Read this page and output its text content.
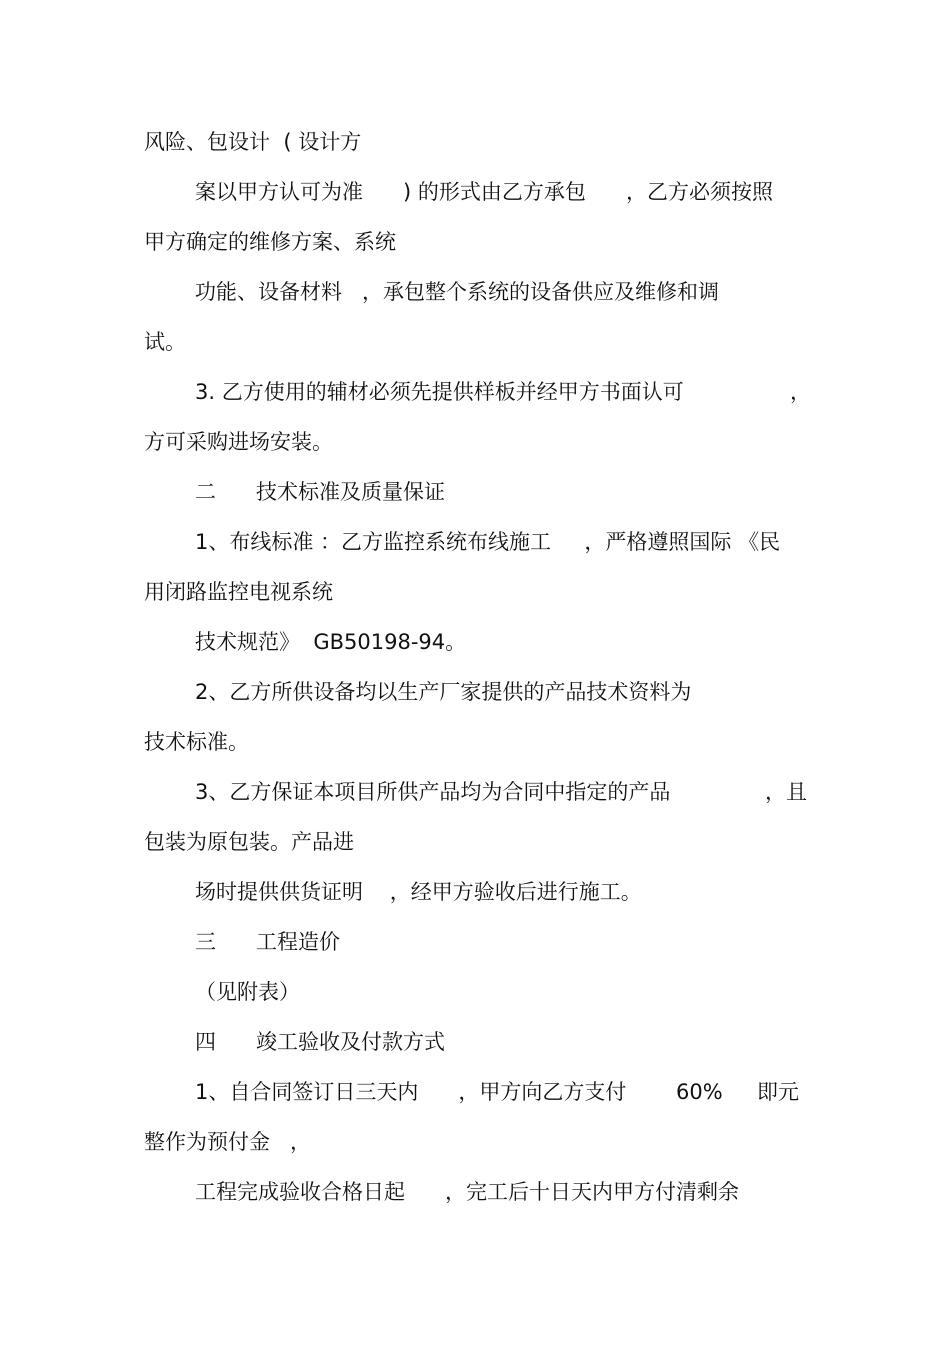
风险、包设计  ( 设计方
案以甲方认可为准      ) 的形式由乙方承包      ，乙方必须按照
甲方确定的维修方案、系统
功能、设备材料   ，承包整个系统的设备供应及维修和调
试。
3. 乙方使用的辅材必须先提供样板并经甲方书面认可	，
方可采购进场安装。
二      技术标准及质量保证
1、布线标准 ：乙方监控系统布线施工     ，严格遵照国际 《民
用闭路监控电视系统
技术规范》  GB50198-94。
2、乙方所供设备均以生产厂家提供的产品技术资料为
技术标准。
3、乙方保证本项目所供产品均为合同中指定的产品	，且
包装为原包装。产品进
场时提供供货证明    ，经甲方验收后进行施工。
三      工程造价
（见附表）
四      竣工验收及付款方式
1、自合同签订日三天内      ，甲方向乙方支付 60% 即元
整作为预付金   ，
工程完成验收合格日起      ，完工后十日天内甲方付清剩余
